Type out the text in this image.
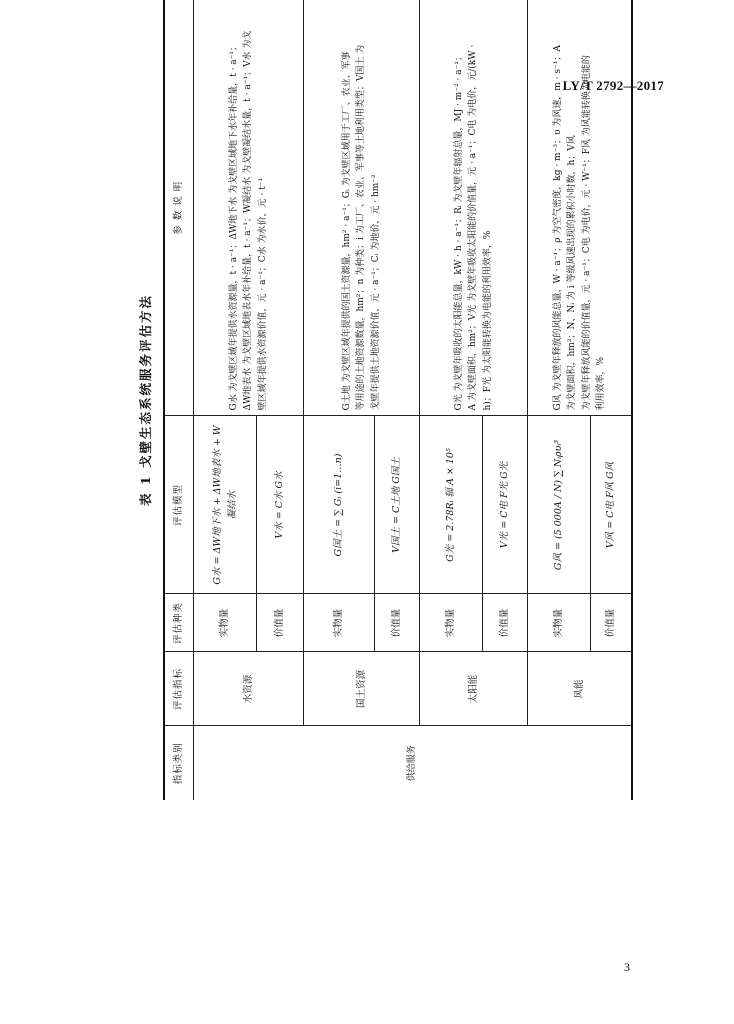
LY/T 2792—2017
表 1 戈壁生态系统服务评估方法
指标类别	评估指标	评估种类	评估模型	参 数 说 明
供给服务	水资源	实物量	G水 = ΔW地下水 + ΔW地表水 + W凝结水	G水 为戈壁区域年提供水资源量，t · a⁻¹；ΔW地下水 为戈壁区域地下水年补给量，t · a⁻¹； ΔW地表水 为戈壁区域地表水年补给量，t · a⁻¹；W凝结水 为戈壁凝结水量，t · a⁻¹；V水 为戈 壁区域年提供水资源价值，元 · a⁻¹；C水 为水价，元 · t⁻¹

		价值量	V水 = C水 G水	
	国土资源	实物量	G国土 = ∑ Gᵢ (i=1…n)	G土地 为戈壁区域年提供的国土资源量，hm² · a⁻¹；Gᵢ 为戈壁区域用于工厂、农业、军事 等用途的土地资源数量，hm²；n 为种类；i 为工厂、农业、军事等土地利用类型；V国土 为 戈壁年提供土地资源价值，元 · a⁻¹；Cᵢ 为地价，元 · hm⁻²

		价值量	V国土 = C土地 G国土	
	太阳能	实物量	G光 = 2.78Rᵢ 辐 A × 10⁵	G光 为戈壁年吸收的太阳能总量，kW · h · a⁻¹；Rᵢ 为戈壁年辐射总量，MJ · m⁻² · a⁻¹； A 为戈壁面积，hm²；V光 为戈壁年吸收太阳能的价值量，元 · a⁻¹；C电 为电价，元/(kW · h)；F光 为太阳能转换为电能的利用效率，%

		价值量	V光 = C电 F光 G光	
	风能	实物量	G风 = (5 000A / N) ∑ Nᵢρυᵢ³	G风 为戈壁年释放的风能总量，W · a⁻¹；ρ 为空气密度，kg · m⁻³；υ 为风速，m · s⁻¹；A 为戈壁面积，hm²；N、Nᵢ 为 i 等级风速出现的累积小时数，h；V风 为戈壁年释放风能的价值量，元 · a⁻¹；C电 为电价，元 · W⁻¹；F风 为风能转换为电能的 利用效率，%

		价值量	V风 = C电 F风 G风	
3
